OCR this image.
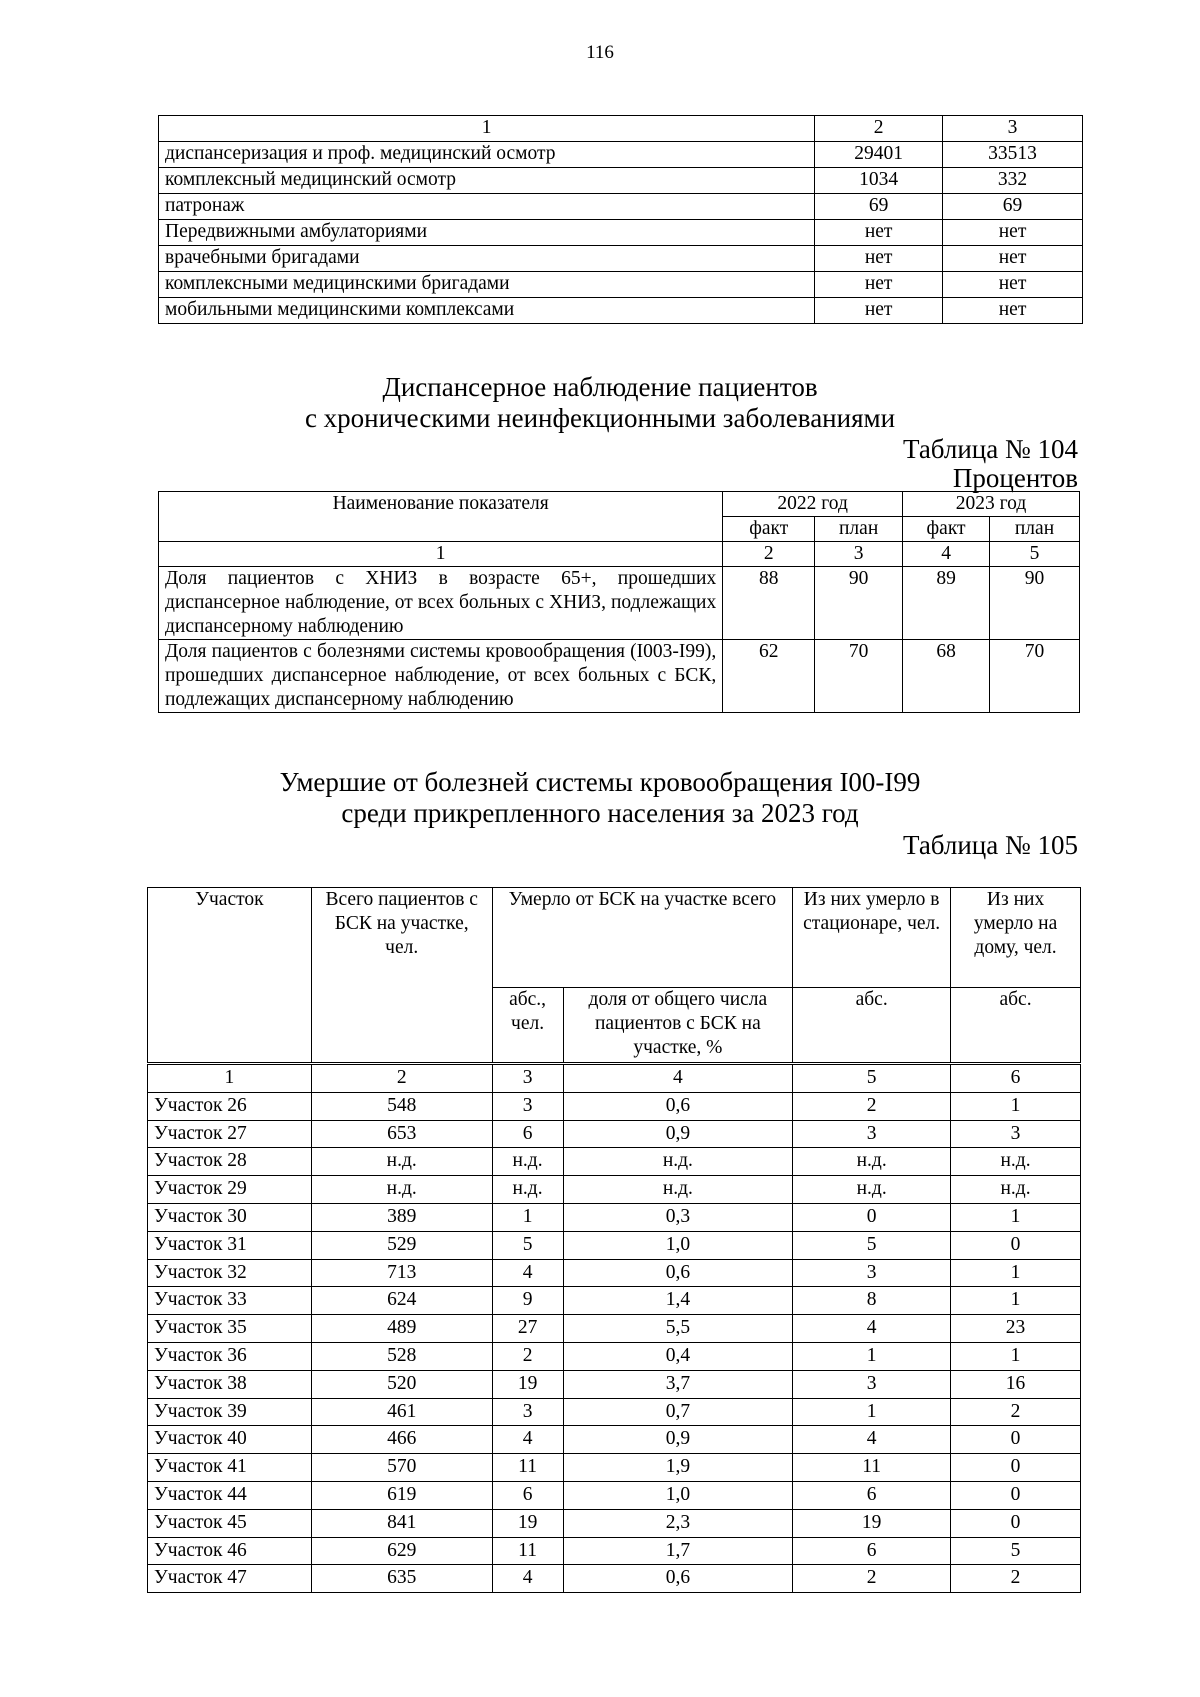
116
1	2	3
диспансеризация и проф. медицинский осмотр	29401	33513
комплексный медицинский осмотр	1034	332
патронаж	69	69
Передвижными амбулаториями	нет	нет
врачебными бригадами	нет	нет
комплексными медицинскими бригадами	нет	нет
мобильными медицинскими комплексами	нет	нет
Диспансерное наблюдение пациентов
с хроническими неинфекционными заболеваниями
Таблица № 104
Процентов
Наименование показателя	2022 год		2023 год	
	факт	план	факт	план
1	2	3	4	5
Доля пациентов с ХНИЗ в возрасте 65+, прошедших диспансерное наблюдение, от всех больных с ХНИЗ, подлежащих диспансерному наблюдению	88	90	89	90
Доля пациентов с болезнями системы кровообращения (I003-I99), прошедших диспансерное наблюдение, от всех больных с БСК, подлежащих диспансерному наблюдению	62	70	68	70
Умершие от болезней системы кровообращения I00-I99
среди прикрепленного населения за 2023 год
Таблица № 105
Участок	Всего пациентов с БСК на участке, чел.	Умерло от БСК на участке всего		Из них умерло в стационаре, чел.	Из них умерло на дому, чел.
		абс., чел.	доля от общего числа пациентов с БСК на участке, %	абс.	абс.
1	2	3	4	5	6
Участок 26	548	3	0,6	2	1
Участок 27	653	6	0,9	3	3
Участок 28	н.д.	н.д.	н.д.	н.д.	н.д.
Участок 29	н.д.	н.д.	н.д.	н.д.	н.д.
Участок 30	389	1	0,3	0	1
Участок 31	529	5	1,0	5	0
Участок 32	713	4	0,6	3	1
Участок 33	624	9	1,4	8	1
Участок 35	489	27	5,5	4	23
Участок 36	528	2	0,4	1	1
Участок 38	520	19	3,7	3	16
Участок 39	461	3	0,7	1	2
Участок 40	466	4	0,9	4	0
Участок 41	570	11	1,9	11	0
Участок 44	619	6	1,0	6	0
Участок 45	841	19	2,3	19	0
Участок 46	629	11	1,7	6	5
Участок 47	635	4	0,6	2	2
